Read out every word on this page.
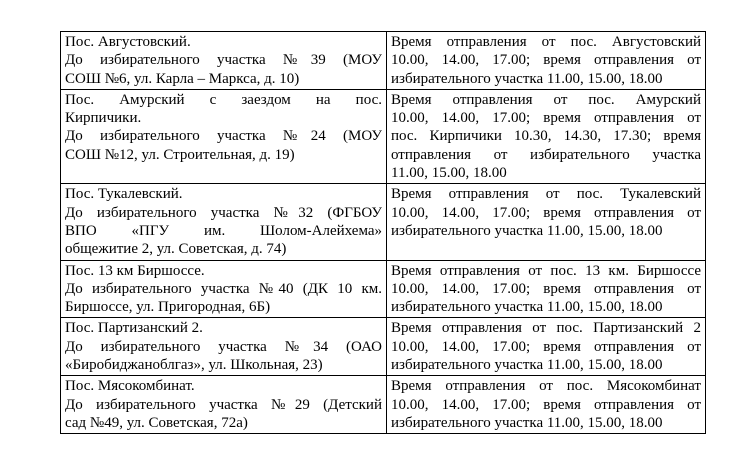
Пос. Августовский.
До избирательного участка №39 (МОУ
СОШ №6, ул. Карла – Маркса, д. 10)	Время отправления от пос. Августовский
10.00, 14.00, 17.00; время отправления от
избирательного участка 11.00, 15.00, 18.00

Пос. Амурский с заездом на пос.
Кирпичики.
До избирательного участка №24 (МОУ
СОШ №12, ул. Строительная, д. 19)	Время отправления от пос. Амурский
10.00, 14.00, 17.00; время отправления от
пос. Кирпичики 10.30, 14.30, 17.30; время
отправления от избирательного участка
11.00, 15.00, 18.00

Пос. Тукалевский.
До избирательного участка №32 (ФГБОУ
ВПО «ПГУ им. Шолом-Алейхема»
общежитие 2, ул. Советская, д. 74)	Время отправления от пос. Тукалевский
10.00, 14.00, 17.00; время отправления от
избирательного участка 11.00, 15.00, 18.00

Пос. 13 км Биршоссе.
До избирательного участка №40 (ДК 10 км.
Биршоссе, ул. Пригородная, 6Б)	Время отправления от пос. 13 км. Биршоссе
10.00, 14.00, 17.00; время отправления от
избирательного участка 11.00, 15.00, 18.00

Пос. Партизанский 2.
До избирательного участка №34 (ОАО
«Биробиджаноблгаз», ул. Школьная, 23)	Время отправления от пос. Партизанский 2
10.00, 14.00, 17.00; время отправления от
избирательного участка 11.00, 15.00, 18.00

Пос. Мясокомбинат.
До избирательного участка №29 (Детский
сад №49, ул. Советская, 72а)	Время отправления от пос. Мясокомбинат
10.00, 14.00, 17.00; время отправления от
избирательного участка 11.00, 15.00, 18.00
